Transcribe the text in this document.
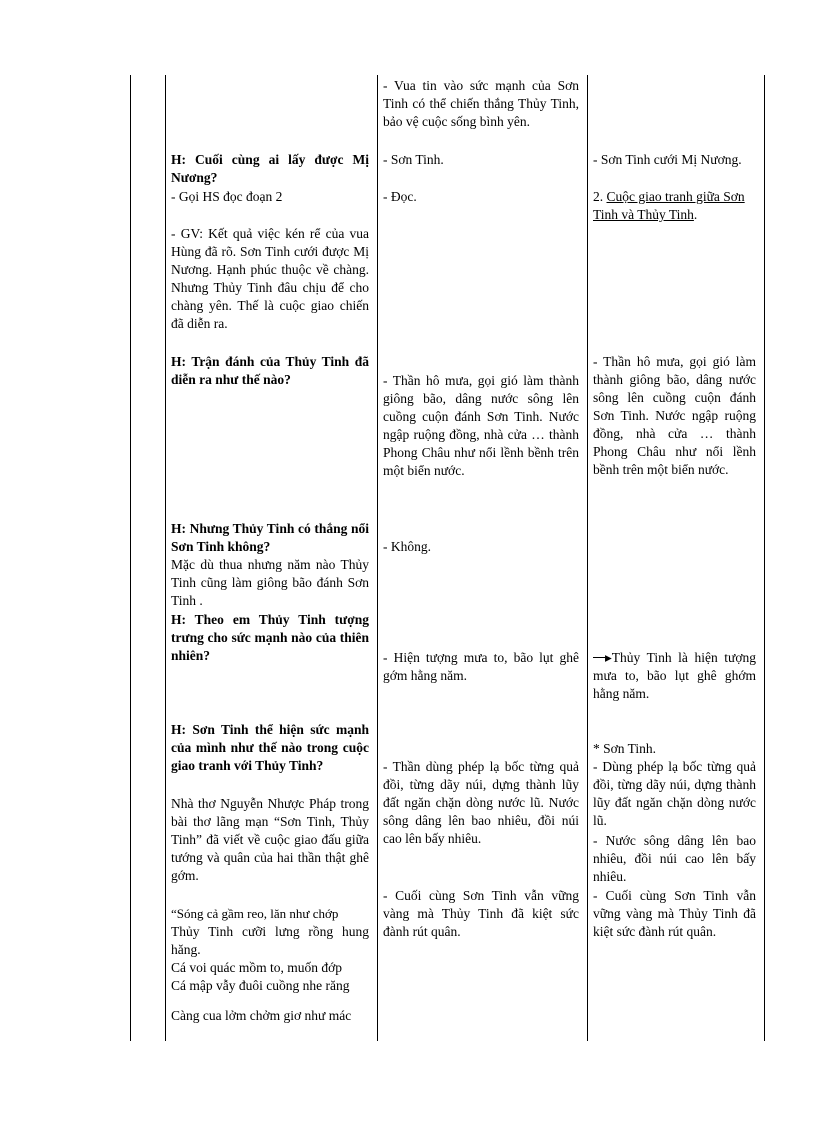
H: Cuối cùng ai lấy được Mị Nương?
- Gọi HS đọc đoạn 2
- GV: Kết quả việc kén rể của vua Hùng đã rõ. Sơn Tinh cưới được Mị Nương. Hạnh phúc thuộc về chàng. Nhưng Thủy Tinh đâu chịu để cho chàng yên. Thế là cuộc giao chiến đã diễn ra.
H: Trận đánh của Thủy Tinh đã diễn ra như thế nào?
H: Nhưng Thủy Tinh có thắng nổi Sơn Tinh không?
Mặc dù thua nhưng năm nào Thủy Tinh cũng làm giông bão đánh Sơn Tinh .
H: Theo em Thủy Tinh tượng trưng cho sức mạnh nào của thiên nhiên?
H: Sơn Tinh thể hiện sức mạnh của mình như thế nào trong cuộc giao tranh với Thủy Tinh?
Nhà thơ Nguyễn Nhược Pháp trong bài thơ lãng mạn “Sơn Tinh, Thủy Tinh” đã viết về cuộc giao đấu giữa tướng và quân của hai thần thật ghê gớm.
“Sóng cả gầm reo, lăn như chớp
Thủy Tinh cưỡi lưng rồng hung hăng.
Cá voi quác mồm to, muốn đớp
Cá mập vẫy đuôi cuồng nhe răng
Càng cua lởm chởm giơ như mác
- Vua tin vào sức mạnh của Sơn Tinh có thể chiến thắng Thủy Tinh, bảo vệ cuộc sống bình yên.
- Sơn Tinh.
- Đọc.
- Thần hô mưa, gọi gió làm thành giông bão, dâng nước sông lên cuồng cuộn đánh Sơn Tinh. Nước ngập ruộng đồng, nhà cửa … thành Phong Châu như nổi lềnh bềnh trên một biển nước.
- Không.
- Hiện tượng mưa to, bão lụt ghê gớm hằng năm.
- Thần dùng phép lạ bốc từng quả đồi, từng dãy núi, dựng thành lũy đất ngăn chặn dòng nước lũ. Nước sông dâng lên bao nhiêu, đồi núi cao lên bấy nhiêu.
- Cuối cùng Sơn Tinh vẫn vững vàng mà Thủy Tinh đã kiệt sức đành rút quân.
- Sơn Tinh cưới Mị Nương.
2. Cuộc giao tranh giữa Sơn Tinh và Thủy Tinh.
- Thần hô mưa, gọi gió làm thành giông bão, dâng nước sông lên cuồng cuộn đánh Sơn Tinh. Nước ngập ruộng đồng, nhà cửa … thành Phong Châu như nổi lềnh bềnh trên một biển nước.
▸Thủy Tinh là hiện tượng mưa to, bão lụt ghê ghớm hằng năm.
* Sơn Tinh.
- Dùng phép lạ bốc từng quả đồi, từng dãy núi, dựng thành lũy đất ngăn chặn dòng nước lũ.
- Nước sông dâng lên bao nhiêu, đồi núi cao lên bấy nhiêu.
- Cuối cùng Sơn Tinh vẫn vững vàng mà Thủy Tinh đã kiệt sức đành rút quân.
